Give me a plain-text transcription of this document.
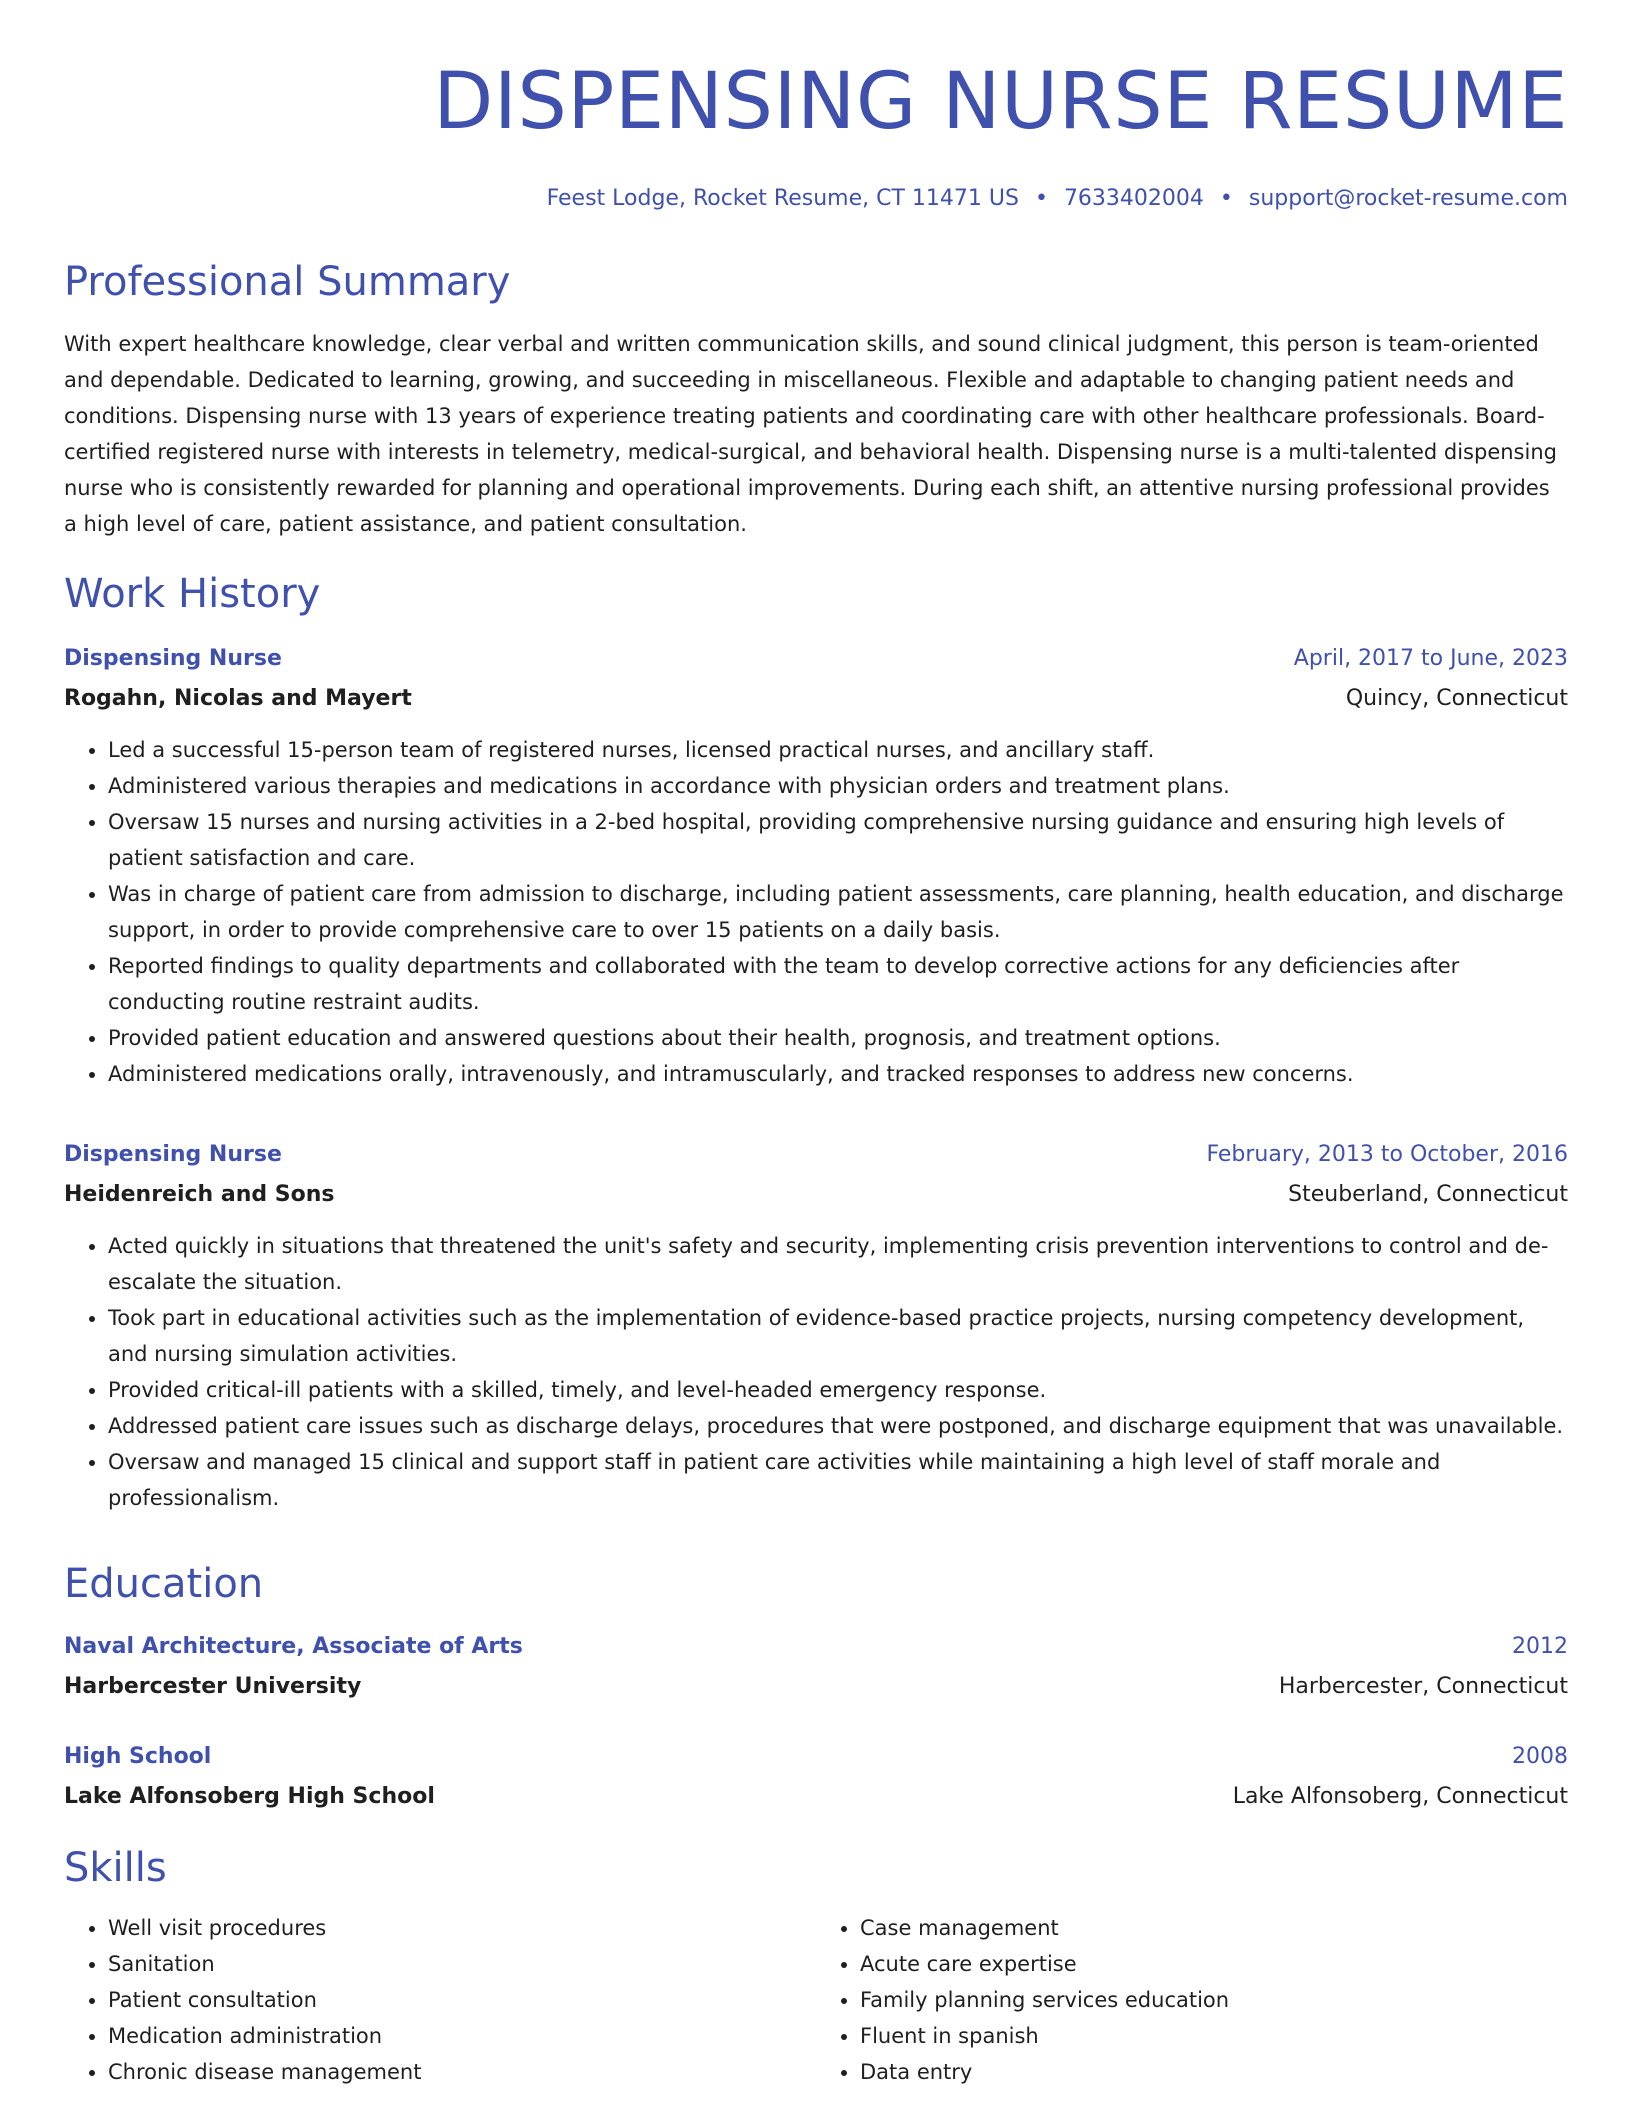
DISPENSING NURSE RESUME
Feest Lodge, Rocket Resume, CT 11471 US • 7633402004 • support@rocket-resume.com
Professional Summary
With expert healthcare knowledge, clear verbal and written communication skills, and sound clinical judgment, this person is team-oriented and dependable. Dedicated to learning, growing, and succeeding in miscellaneous. Flexible and adaptable to changing patient needs and conditions. Dispensing nurse with 13 years of experience treating patients and coordinating care with other healthcare professionals. Board-certified registered nurse with interests in telemetry, medical-surgical, and behavioral health. Dispensing nurse is a multi-talented dispensing nurse who is consistently rewarded for planning and operational improvements. During each shift, an attentive nursing professional provides a high level of care, patient assistance, and patient consultation.
Work History
Dispensing Nurse	April, 2017 to June, 2023
Rogahn, Nicolas and Mayert	Quincy, Connecticut
• Led a successful 15-person team of registered nurses, licensed practical nurses, and ancillary staff.
• Administered various therapies and medications in accordance with physician orders and treatment plans.
• Oversaw 15 nurses and nursing activities in a 2-bed hospital, providing comprehensive nursing guidance and ensuring high levels of patient satisfaction and care.
• Was in charge of patient care from admission to discharge, including patient assessments, care planning, health education, and discharge support, in order to provide comprehensive care to over 15 patients on a daily basis.
• Reported findings to quality departments and collaborated with the team to develop corrective actions for any deficiencies after conducting routine restraint audits.
• Provided patient education and answered questions about their health, prognosis, and treatment options.
• Administered medications orally, intravenously, and intramuscularly, and tracked responses to address new concerns.
Dispensing Nurse	February, 2013 to October, 2016
Heidenreich and Sons	Steuberland, Connecticut
• Acted quickly in situations that threatened the unit's safety and security, implementing crisis prevention interventions to control and de-escalate the situation.
• Took part in educational activities such as the implementation of evidence-based practice projects, nursing competency development, and nursing simulation activities.
• Provided critical-ill patients with a skilled, timely, and level-headed emergency response.
• Addressed patient care issues such as discharge delays, procedures that were postponed, and discharge equipment that was unavailable.
• Oversaw and managed 15 clinical and support staff in patient care activities while maintaining a high level of staff morale and professionalism.
Education
Naval Architecture, Associate of Arts	2012
Harbercester University	Harbercester, Connecticut
High School	2008
Lake Alfonsoberg High School	Lake Alfonsoberg, Connecticut
Skills
• Well visit procedures
• Sanitation
• Patient consultation
• Medication administration
• Chronic disease management
• Case management
• Acute care expertise
• Family planning services education
• Fluent in spanish
• Data entry
